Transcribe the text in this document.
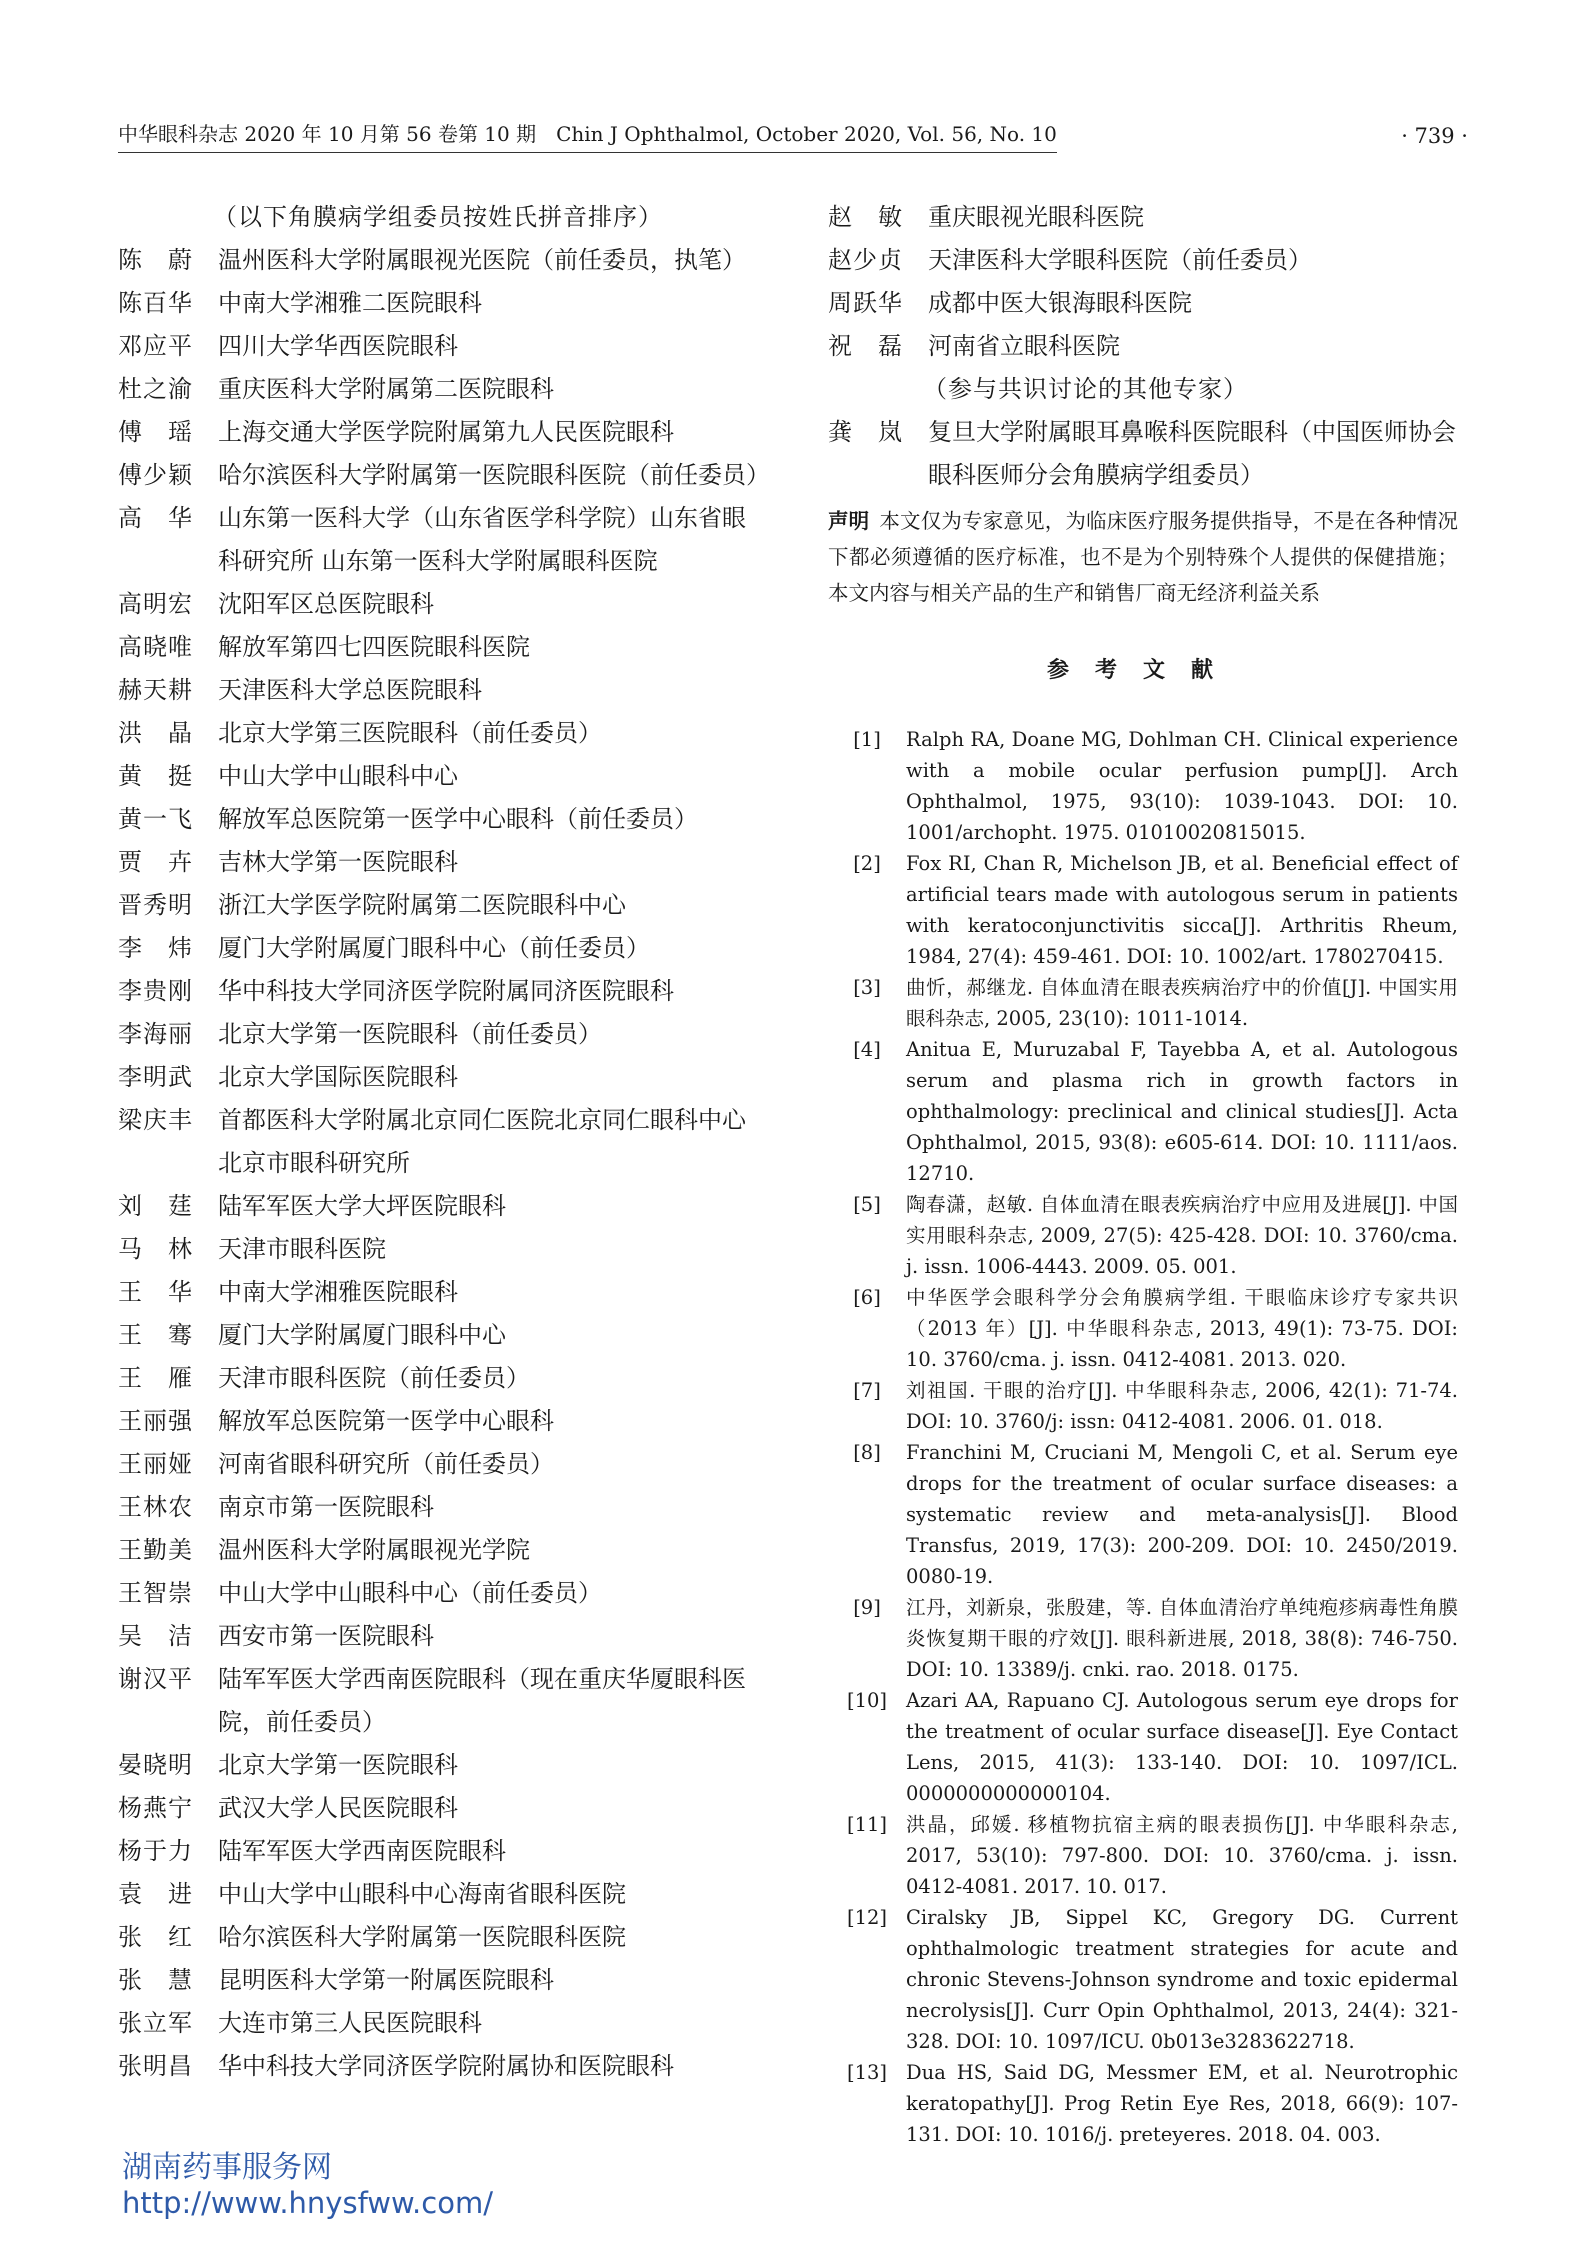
中华眼科杂志 2020 年 10 月第 56 卷第 10 期　Chin J Ophthalmol, October 2020, Vol. 56, No. 10	· 739 ·
（以下角膜病学组委员按姓氏拼音排序）
陈　蔚	温州医科大学附属眼视光医院（前任委员，执笔）
陈百华	中南大学湘雅二医院眼科
邓应平	四川大学华西医院眼科
杜之渝	重庆医科大学附属第二医院眼科
傅　瑶	上海交通大学医学院附属第九人民医院眼科
傅少颖	哈尔滨医科大学附属第一医院眼科医院（前任委员）
高　华	山东第一医科大学（山东省医学科学院）山东省眼科研究所 山东第一医科大学附属眼科医院
高明宏	沈阳军区总医院眼科
高晓唯	解放军第四七四医院眼科医院
赫天耕	天津医科大学总医院眼科
洪　晶	北京大学第三医院眼科（前任委员）
黄　挺	中山大学中山眼科中心
黄一飞	解放军总医院第一医学中心眼科（前任委员）
贾　卉	吉林大学第一医院眼科
晋秀明	浙江大学医学院附属第二医院眼科中心
李　炜	厦门大学附属厦门眼科中心（前任委员）
李贵刚	华中科技大学同济医学院附属同济医院眼科
李海丽	北京大学第一医院眼科（前任委员）
李明武	北京大学国际医院眼科
梁庆丰	首都医科大学附属北京同仁医院北京同仁眼科中心 北京市眼科研究所
刘　莛	陆军军医大学大坪医院眼科
马　林	天津市眼科医院
王　华	中南大学湘雅医院眼科
王　骞	厦门大学附属厦门眼科中心
王　雁	天津市眼科医院（前任委员）
王丽强	解放军总医院第一医学中心眼科
王丽娅	河南省眼科研究所（前任委员）
王林农	南京市第一医院眼科
王勤美	温州医科大学附属眼视光学院
王智崇	中山大学中山眼科中心（前任委员）
吴　洁	西安市第一医院眼科
谢汉平	陆军军医大学西南医院眼科（现在重庆华厦眼科医院，前任委员）
晏晓明	北京大学第一医院眼科
杨燕宁	武汉大学人民医院眼科
杨于力	陆军军医大学西南医院眼科
袁　进	中山大学中山眼科中心海南省眼科医院
张　红	哈尔滨医科大学附属第一医院眼科医院
张　慧	昆明医科大学第一附属医院眼科
张立军	大连市第三人民医院眼科
张明昌	华中科技大学同济医学院附属协和医院眼科
赵　敏	重庆眼视光眼科医院
赵少贞	天津医科大学眼科医院（前任委员）
周跃华	成都中医大银海眼科医院
祝　磊	河南省立眼科医院
（参与共识讨论的其他专家）
龚　岚	复旦大学附属眼耳鼻喉科医院眼科（中国医师协会眼科医师分会角膜病学组委员）
声明 本文仅为专家意见，为临床医疗服务提供指导，不是在各种情况下都必须遵循的医疗标准，也不是为个别特殊个人提供的保健措施；本文内容与相关产品的生产和销售厂商无经济利益关系
参考文献
[1]	Ralph RA, Doane MG, Dohlman CH. Clinical experience with a mobile ocular perfusion pump[J]. Arch Ophthalmol, 1975, 93(10): 1039-1043. DOI: 10. 1001/archopht. 1975. 01010020815015.
[2]	Fox RI, Chan R, Michelson JB, et al. Beneficial effect of artificial tears made with autologous serum in patients with keratoconjunctivitis sicca[J]. Arthritis Rheum, 1984, 27(4): 459-461. DOI: 10. 1002/art. 1780270415.
[3]	曲忻，郝继龙. 自体血清在眼表疾病治疗中的价值[J]. 中国实用眼科杂志, 2005, 23(10): 1011-1014.
[4]	Anitua E, Muruzabal F, Tayebba A, et al. Autologous serum and plasma rich in growth factors in ophthalmology: preclinical and clinical studies[J]. Acta Ophthalmol, 2015, 93(8): e605-614. DOI: 10. 1111/aos. 12710.
[5]	陶春潇，赵敏. 自体血清在眼表疾病治疗中应用及进展[J]. 中国实用眼科杂志, 2009, 27(5): 425-428. DOI: 10. 3760/cma. j. issn. 1006-4443. 2009. 05. 001.
[6]	中华医学会眼科学分会角膜病学组. 干眼临床诊疗专家共识（2013 年）[J]. 中华眼科杂志, 2013, 49(1): 73-75. DOI: 10. 3760/cma. j. issn. 0412-4081. 2013. 020.
[7]	刘祖国. 干眼的治疗[J]. 中华眼科杂志, 2006, 42(1): 71-74. DOI: 10. 3760/j: issn: 0412-4081. 2006. 01. 018.
[8]	Franchini M, Cruciani M, Mengoli C, et al. Serum eye drops for the treatment of ocular surface diseases: a systematic review and meta-analysis[J]. Blood Transfus, 2019, 17(3): 200-209. DOI: 10. 2450/2019. 0080-19.
[9]	江丹，刘新泉，张殷建，等. 自体血清治疗单纯疱疹病毒性角膜炎恢复期干眼的疗效[J]. 眼科新进展, 2018, 38(8): 746-750. DOI: 10. 13389/j. cnki. rao. 2018. 0175.
[10] Azari AA, Rapuano CJ. Autologous serum eye drops for the treatment of ocular surface disease[J]. Eye Contact Lens, 2015, 41(3): 133-140. DOI: 10. 1097/ICL. 0000000000000104.
[11] 洪晶，邱媛. 移植物抗宿主病的眼表损伤[J]. 中华眼科杂志, 2017, 53(10): 797-800. DOI: 10. 3760/cma. j. issn. 0412-4081. 2017. 10. 017.
[12] Ciralsky JB, Sippel KC, Gregory DG. Current ophthalmologic treatment strategies for acute and chronic Stevens-Johnson syndrome and toxic epidermal necrolysis[J]. Curr Opin Ophthalmol, 2013, 24(4): 321-328. DOI: 10. 1097/ICU. 0b013e3283622718.
[13] Dua HS, Said DG, Messmer EM, et al. Neurotrophic keratopathy[J]. Prog Retin Eye Res, 2018, 66(9): 107-131. DOI: 10. 1016/j. preteyeres. 2018. 04. 003.
湖南药事服务网
http://www.hnysfww.com/
